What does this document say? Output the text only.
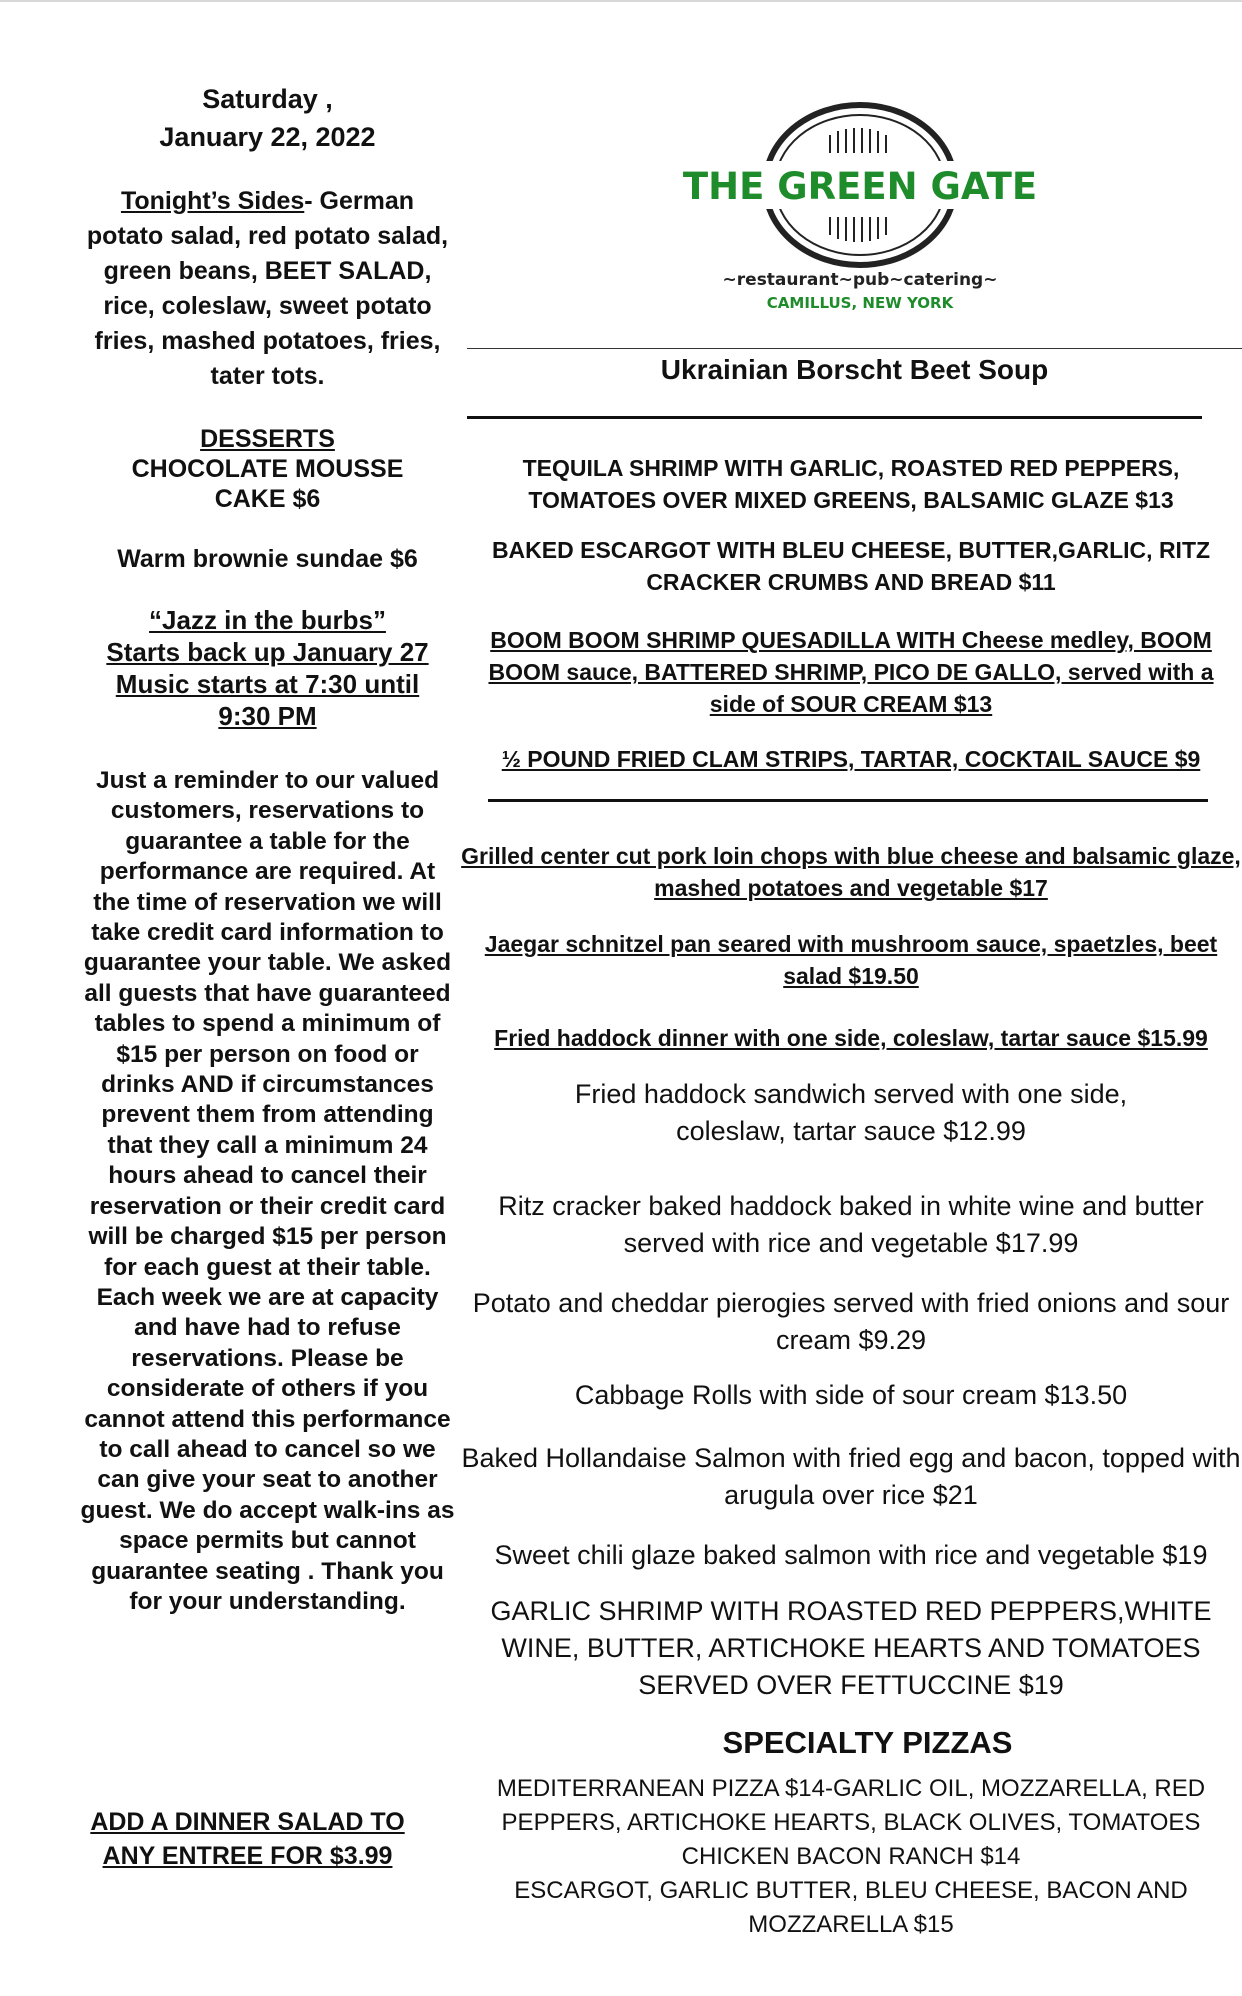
Saturday ,

January 22, 2022

Tonight’s Sides- German potato salad, red potato salad, green beans, BEET SALAD, rice, coleslaw, sweet potato fries, mashed potatoes, fries, tater tots.

DESSERTS

CHOCOLATE MOUSSE CAKE $6

Warm brownie sundae $6

“Jazz in the burbs”

Starts back up January 27

Music starts at 7:30 until 9:30 PM

Just a reminder to our valued customers, reservations to guarantee a table for the performance are required. At the time of reservation we will take credit card information to guarantee your table. We asked all guests that have guaranteed tables to spend a minimum of $15 per person on food or drinks AND if circumstances prevent them from attending that they call a minimum 24 hours ahead to cancel their reservation or their credit card will be charged $15 per person for each guest at their table. Each week we are at capacity and have had to refuse reservations. Please be considerate of others if you cannot attend this performance to call ahead to cancel so we can give your seat to another guest. We do accept walk-ins as space permits but cannot guarantee seating . Thank you for your understanding.

ADD A DINNER SALAD TO ANY ENTREE FOR $3.99
THE GREEN GATE
~restaurant~pub~catering~
CAMILLUS, NEW YORK
Ukrainian Borscht Beet Soup
TEQUILA SHRIMP WITH GARLIC, ROASTED RED PEPPERS, TOMATOES OVER MIXED GREENS, BALSAMIC GLAZE $13
BAKED ESCARGOT WITH BLEU CHEESE, BUTTER,GARLIC, RITZ CRACKER CRUMBS AND BREAD $11
BOOM BOOM SHRIMP QUESADILLA WITH Cheese medley, BOOM BOOM sauce, BATTERED SHRIMP, PICO DE GALLO, served with a side of SOUR CREAM $13
½ POUND FRIED CLAM STRIPS, TARTAR, COCKTAIL SAUCE $9
Grilled center cut pork loin chops with blue cheese and balsamic glaze, mashed potatoes and vegetable $17
Jaegar schnitzel pan seared with mushroom sauce, spaetzles, beet salad $19.50
Fried haddock dinner with one side, coleslaw, tartar sauce $15.99
Fried haddock sandwich served with one side, coleslaw, tartar sauce $12.99
Ritz cracker baked haddock baked in white wine and butter served with rice and vegetable $17.99
Potato and cheddar pierogies served with fried onions and sour cream $9.29
Cabbage Rolls with side of sour cream $13.50
Baked Hollandaise Salmon with fried egg and bacon, topped with arugula over rice $21
Sweet chili glaze baked salmon with rice and vegetable $19
GARLIC SHRIMP WITH ROASTED RED PEPPERS,WHITE WINE, BUTTER, ARTICHOKE HEARTS AND TOMATOES SERVED OVER FETTUCCINE $19
SPECIALTY PIZZAS
MEDITERRANEAN PIZZA $14-GARLIC OIL, MOZZARELLA, RED PEPPERS, ARTICHOKE HEARTS, BLACK OLIVES, TOMATOES
CHICKEN BACON RANCH $14
ESCARGOT, GARLIC BUTTER, BLEU CHEESE, BACON AND MOZZARELLA $15
